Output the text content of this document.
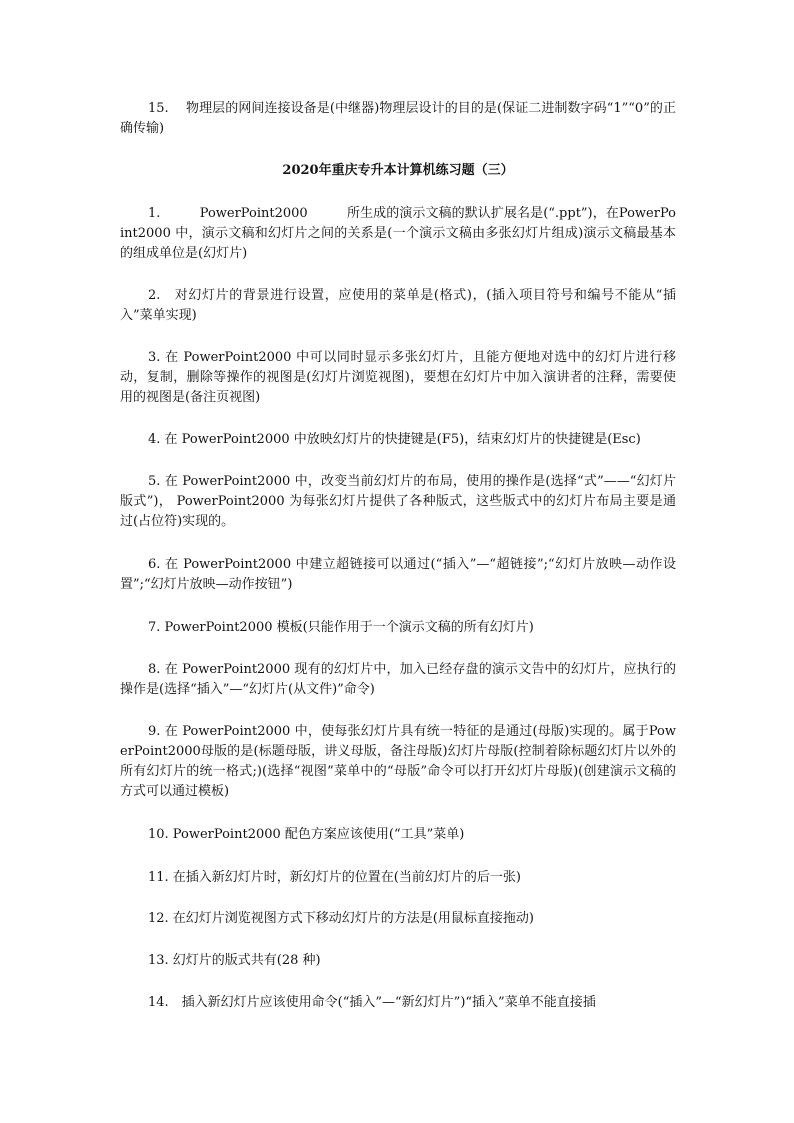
15.　 物理层的网间连接设备是(中继器)物理层设计的目的是(保证二进制数字码“1”“0”的正确传输)

2020年重庆专升本计算机练习题（三）

1.　　　PowerPoint2000　　　所生成的演示文稿的默认扩展名是(“.ppt”)，在PowerPoint2000 中，演示文稿和幻灯片之间的关系是(一个演示文稿由多张幻灯片组成)演示文稿最基本的组成单位是(幻灯片)

2.　对幻灯片的背景进行设置，应使用的菜单是(格式)，(插入项目符号和编号不能从“插入”菜单实现)

3. 在 PowerPoint2000 中可以同时显示多张幻灯片，且能方便地对选中的幻灯片进行移动，复制，删除等操作的视图是(幻灯片浏览视图)，要想在幻灯片中加入演讲者的注释，需要使用的视图是(备注页视图)

4. 在 PowerPoint2000 中放映幻灯片的快捷键是(F5)，结束幻灯片的快捷键是(Esc)

5. 在 PowerPoint2000 中，改变当前幻灯片的布局，使用的操作是(选择“式”——“幻灯片版式”)， PowerPoint2000 为每张幻灯片提供了各种版式，这些版式中的幻灯片布局主要是通过(占位符)实现的。

6. 在 PowerPoint2000 中建立超链接可以通过(“插入”—“超链接”;“幻灯片放映—动作设置”;“幻灯片放映—动作按钮”)

7. PowerPoint2000 模板(只能作用于一个演示文稿的所有幻灯片)

8. 在 PowerPoint2000 现有的幻灯片中，加入已经存盘的演示文告中的幻灯片，应执行的操作是(选择“插入”—“幻灯片(从文件)”命令)

9. 在 PowerPoint2000 中，使每张幻灯片具有统一特征的是通过(母版)实现的。属于PowerPoint2000母版的是(标题母版，讲义母版，备注母版)幻灯片母版(控制着除标题幻灯片以外的所有幻灯片的统一格式;)(选择“视图”菜单中的“母版”命令可以打开幻灯片母版)(创建演示文稿的方式可以通过模板)

10. PowerPoint2000 配色方案应该使用(“工具”菜单)

11. 在插入新幻灯片时，新幻灯片的位置在(当前幻灯片的后一张)

12. 在幻灯片浏览视图方式下移动幻灯片的方法是(用鼠标直接拖动)

13. 幻灯片的版式共有(28 种)

14.　插入新幻灯片应该使用命令(“插入”—“新幻灯片”)“插入”菜单不能直接插
